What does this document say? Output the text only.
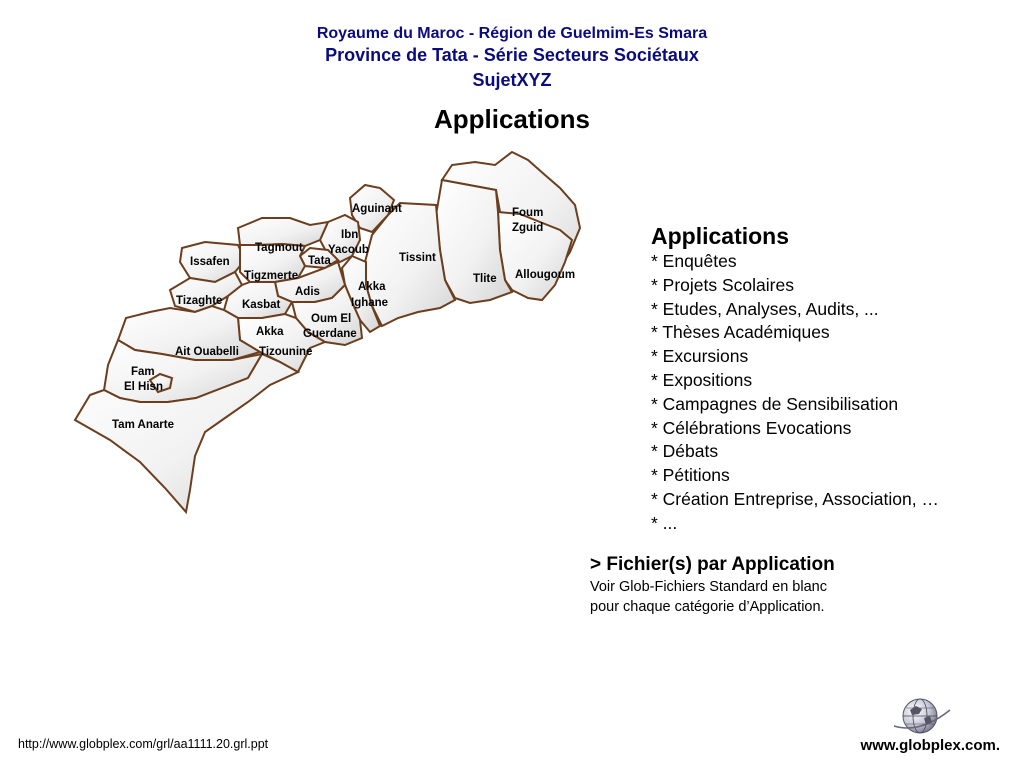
Royaume du Maroc - Région de Guelmim-Es Smara
Province de Tata - Série Secteurs Sociétaux
SujetXYZ
Applications
Aguinant	Foum
Zguid
Ibn
Yacoub
Tagmout
Tata	Tissint
Issafen
Allougoum
Tlite
Tigzmerte
Akka
Ighane
Adis
Tizaghte Kasbat
Oum El
Guerdane
Akka
Tizounine
Ait Ouabelli
Fam
El Hisn
Tam Anarte
Applications
* Enquêtes
* Projets Scolaires
* Etudes, Analyses, Audits, ...
* Thèses Académiques
* Excursions
* Expositions
* Campagnes de Sensibilisation
* Célébrations Evocations
* Débats
* Pétitions
* Création Entreprise, Association, …
* ...
> Fichier(s) par Application
Voir Glob-Fichiers Standard en blanc
pour chaque catégorie d’Application.
http://www.globplex.com/grl/aa1111.20.grl.ppt	www.globplex.com.
